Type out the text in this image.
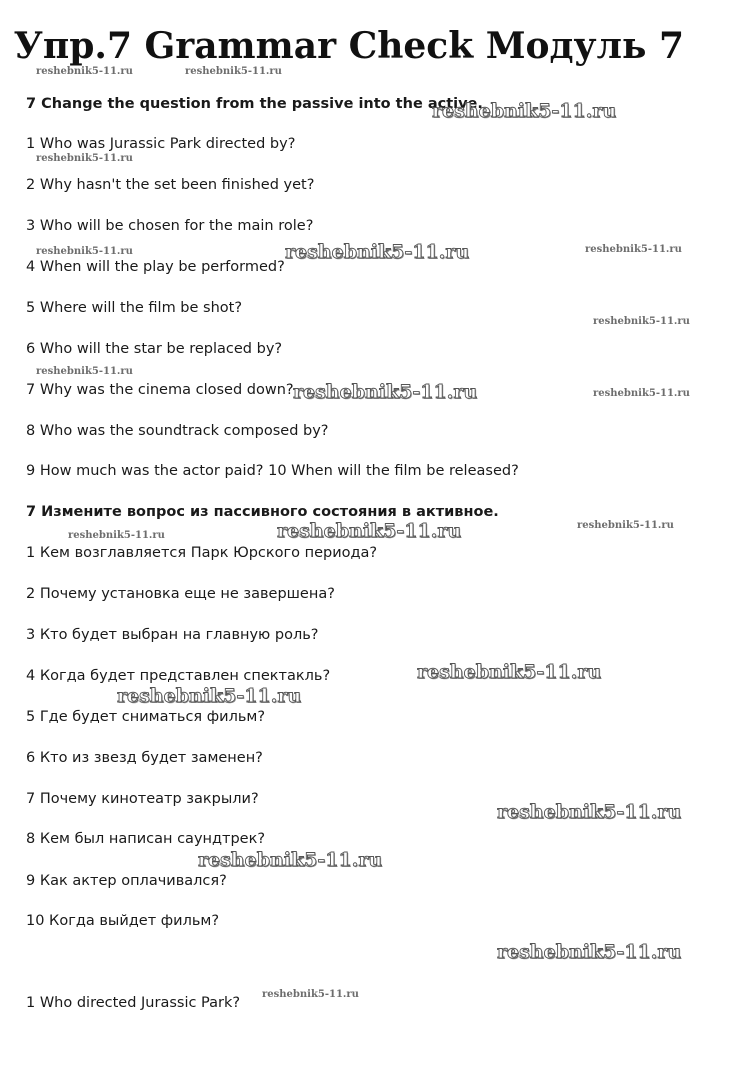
Упр.7 Grammar Check Модуль 7

7 Change the question from the passive into the active.

1 Who was Jurassic Park directed by?

2 Why hasn't the set been finished yet?

3 Who will be chosen for the main role?

4 When will the play be performed?

5 Where will the film be shot?

6 Who will the star be replaced by?

7 Why was the cinema closed down?

8 Who was the soundtrack composed by?

9 How much was the actor paid? 10 When will the film be released?

7 Измените вопрос из пассивного состояния в активное.

1 Кем возглавляется Парк Юрского периода?

2 Почему установка еще не завершена?

3 Кто будет выбран на главную роль?

4 Когда будет представлен спектакль?

5 Где будет сниматься фильм?

6 Кто из звезд будет заменен?

7 Почему кинотеатр закрыли?

8 Кем был написан саундтрек?

9 Как актер оплачивался?

10 Когда выйдет фильм?

1 Who directed Jurassic Park?

reshebnik5-11.ru	reshebnik5-11.ru
reshebnik5-11.ru
reshebnik5-11.ru
reshebnik5-11.ru	reshebnik5-11.ru	reshebnik5-11.ru
reshebnik5-11.ru
reshebnik5-11.ru
reshebnik5-11.ru	reshebnik5-11.ru
reshebnik5-11.ru	reshebnik5-11.ru	reshebnik5-11.ru
reshebnik5-11.ru
reshebnik5-11.ru
reshebnik5-11.ru
reshebnik5-11.ru
reshebnik5-11.ru
reshebnik5-11.ru
